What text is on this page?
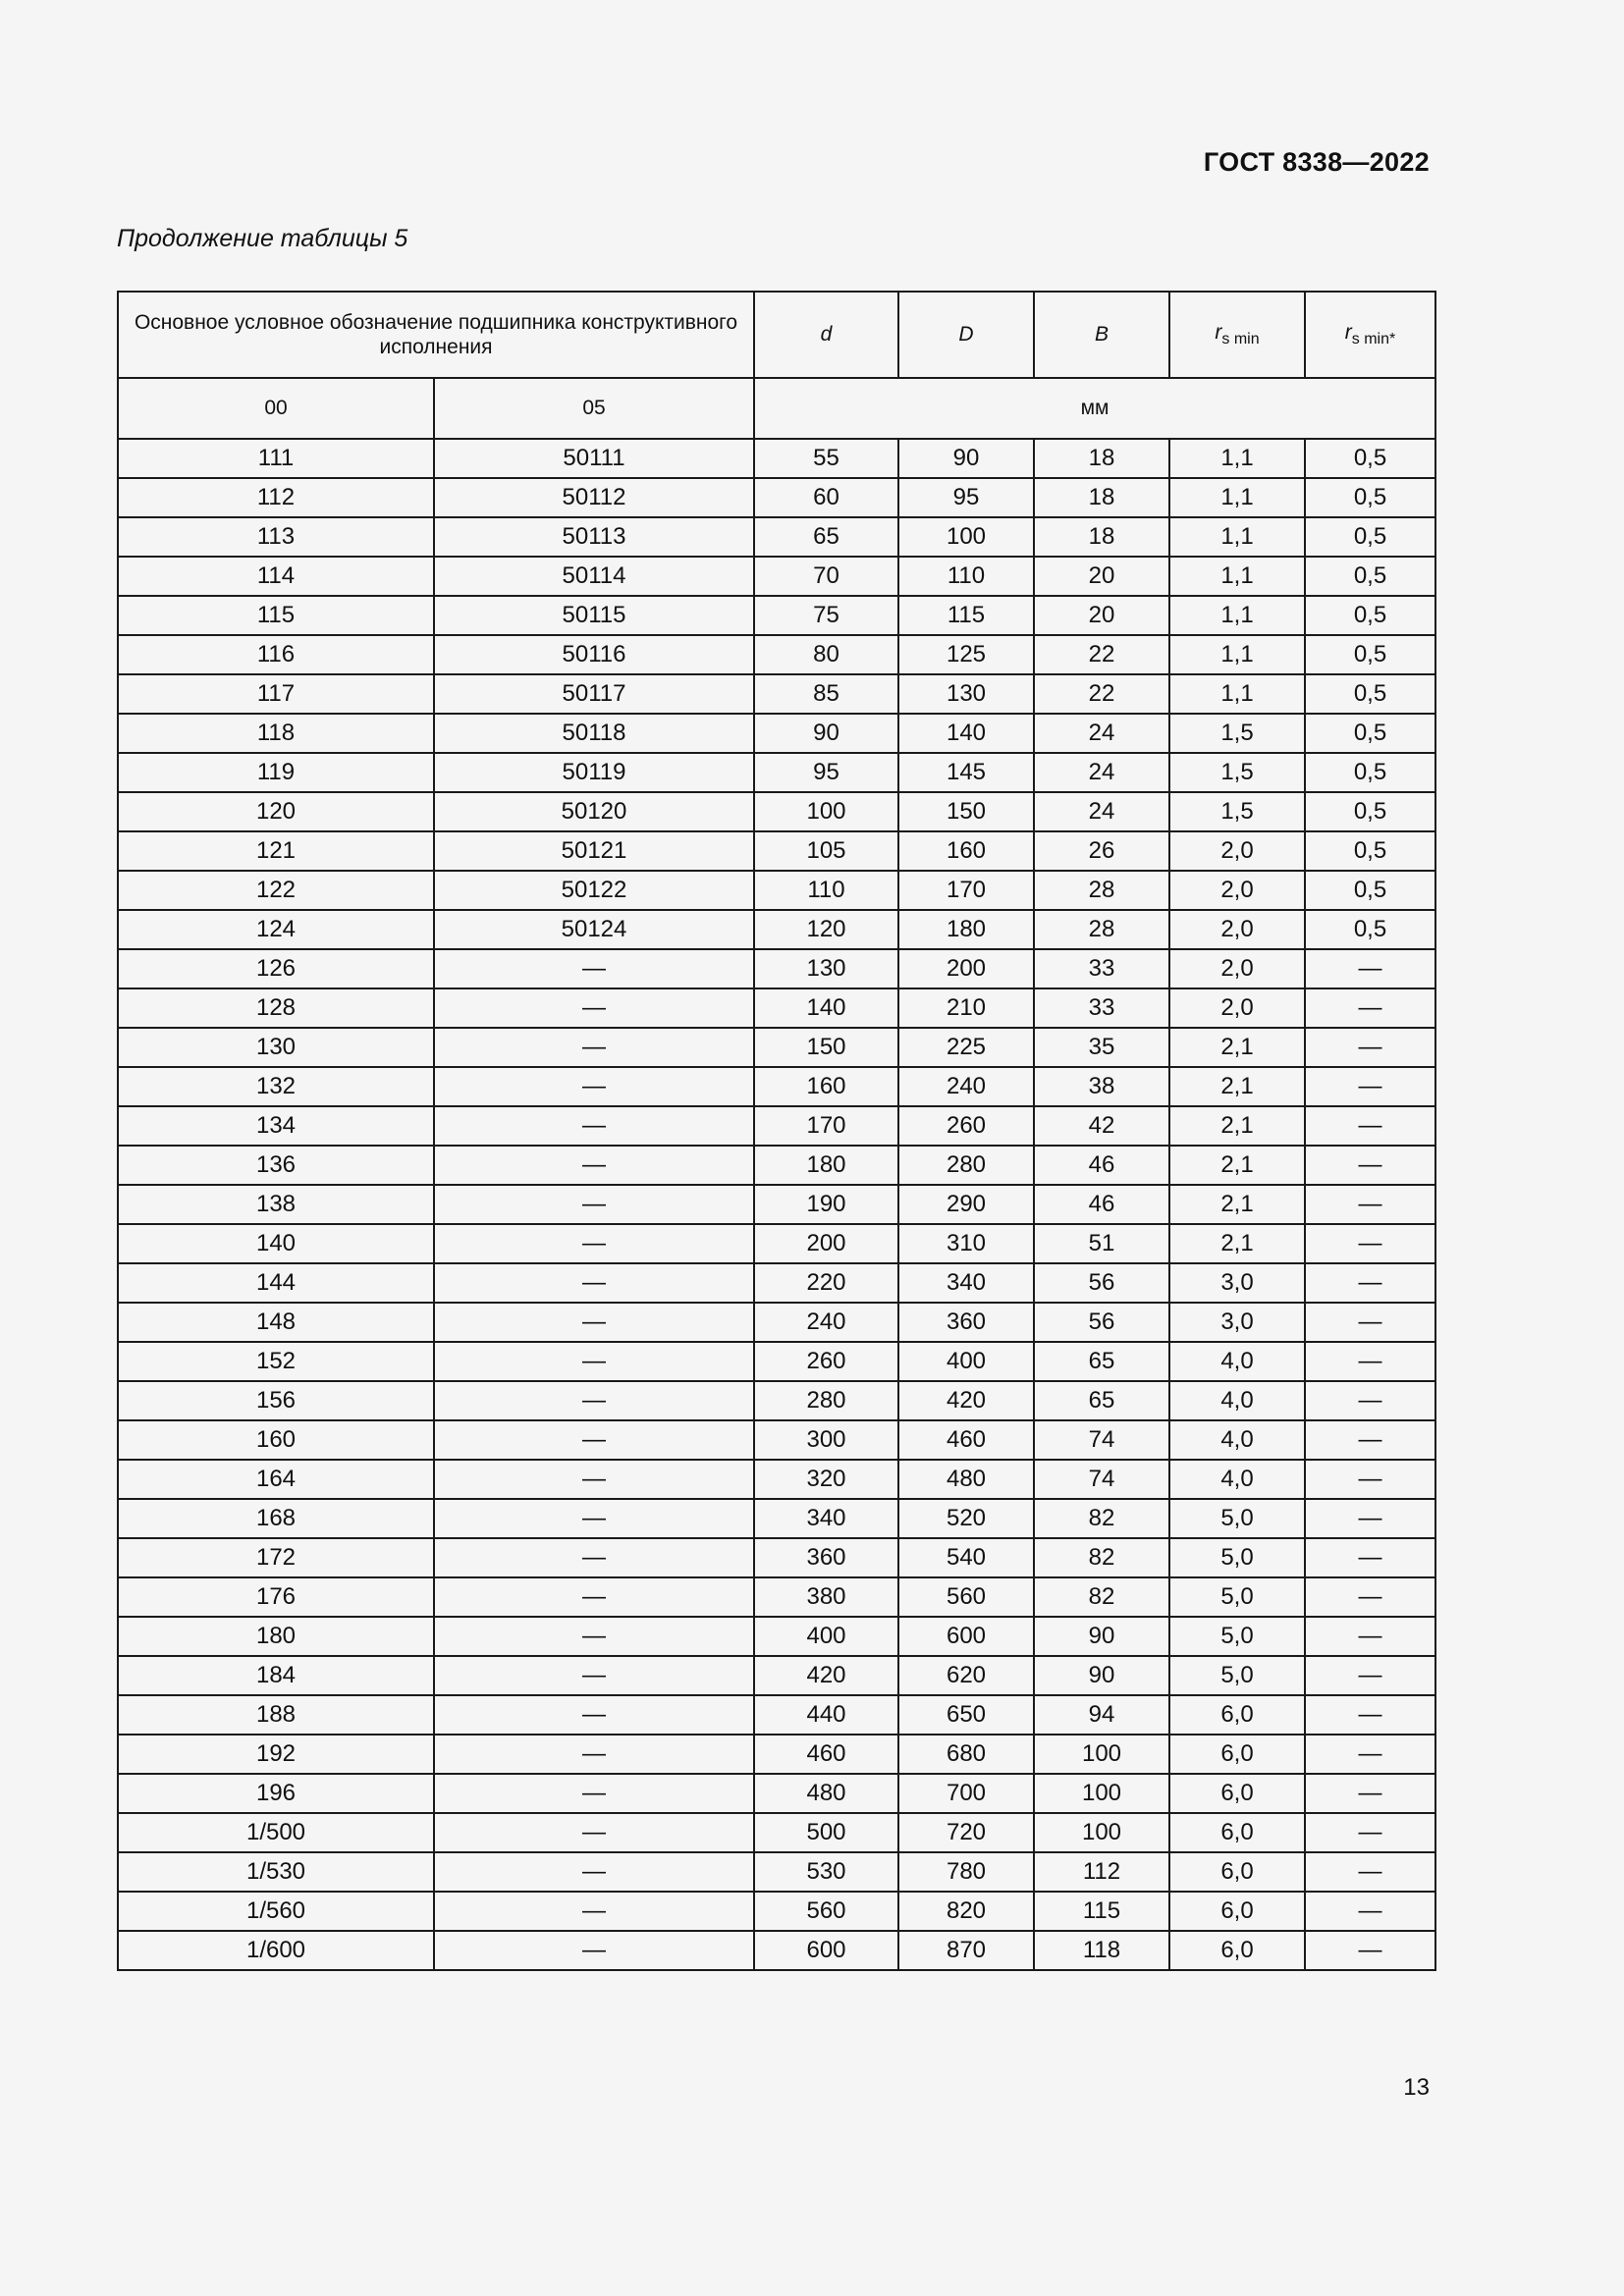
ГОСТ 8338—2022
Продолжение таблицы 5
Основное условное обозначение подшипника конструктивного исполнения		d	D	B	$r_{s min}$	$r_{s min*}$
00	05	мм				
111	50111	55	90	18	1,1	0,5
112	50112	60	95	18	1,1	0,5
113	50113	65	100	18	1,1	0,5
114	50114	70	110	20	1,1	0,5
115	50115	75	115	20	1,1	0,5
116	50116	80	125	22	1,1	0,5
117	50117	85	130	22	1,1	0,5
118	50118	90	140	24	1,5	0,5
119	50119	95	145	24	1,5	0,5
120	50120	100	150	24	1,5	0,5
121	50121	105	160	26	2,0	0,5
122	50122	110	170	28	2,0	0,5
124	50124	120	180	28	2,0	0,5
126	—	130	200	33	2,0	—
128	—	140	210	33	2,0	—
130	—	150	225	35	2,1	—
132	—	160	240	38	2,1	—
134	—	170	260	42	2,1	—
136	—	180	280	46	2,1	—
138	—	190	290	46	2,1	—
140	—	200	310	51	2,1	—
144	—	220	340	56	3,0	—
148	—	240	360	56	3,0	—
152	—	260	400	65	4,0	—
156	—	280	420	65	4,0	—
160	—	300	460	74	4,0	—
164	—	320	480	74	4,0	—
168	—	340	520	82	5,0	—
172	—	360	540	82	5,0	—
176	—	380	560	82	5,0	—
180	—	400	600	90	5,0	—
184	—	420	620	90	5,0	—
188	—	440	650	94	6,0	—
192	—	460	680	100	6,0	—
196	—	480	700	100	6,0	—
1/500	—	500	720	100	6,0	—
1/530	—	530	780	112	6,0	—
1/560	—	560	820	115	6,0	—
1/600	—	600	870	118	6,0	—
13
